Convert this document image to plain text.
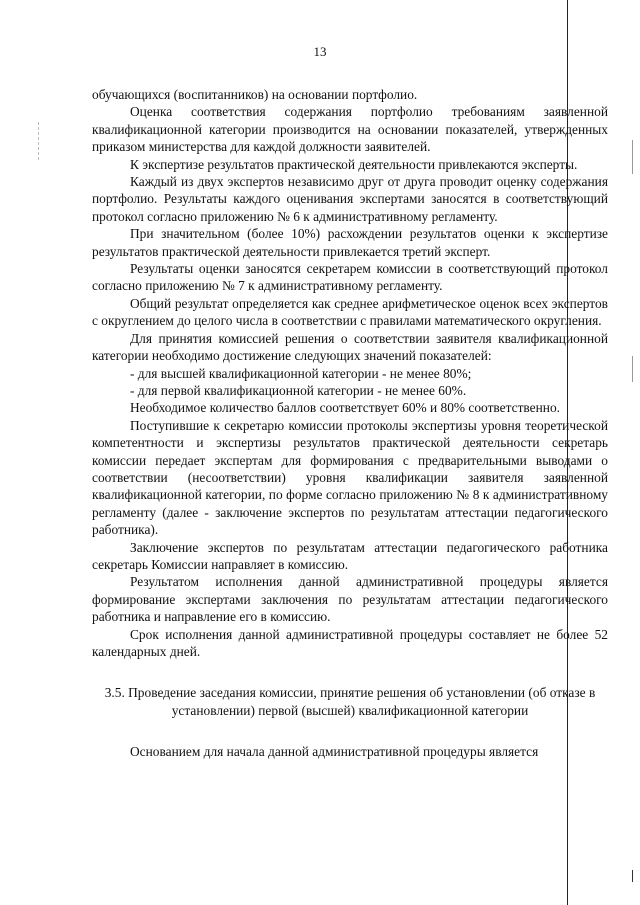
13

обучающихся (воспитанников) на основании портфолио.

Оценка соответствия содержания портфолио требованиям заявленной квалификационной категории производится на основании показателей, утвержденных приказом министерства для каждой должности заявителей.

К экспертизе результатов практической деятельности привлекаются эксперты.

Каждый из двух экспертов независимо друг от друга проводит оценку содержания портфолио. Результаты каждого оценивания экспертами заносятся в соответствующий протокол согласно приложению № 6 к административному регламенту.

При значительном (более 10%) расхождении результатов оценки к экспертизе результатов практической деятельности привлекается третий эксперт.

Результаты оценки заносятся секретарем комиссии в соответствующий протокол согласно приложению № 7 к административному регламенту.

Общий результат определяется как среднее арифметическое оценок всех экспертов с округлением до целого числа в соответствии с правилами математического округления.

Для принятия комиссией решения о соответствии заявителя квалификационной категории необходимо достижение следующих значений показателей:

- для высшей квалификационной категории - не менее 80%;

- для первой квалификационной категории - не менее 60%.

Необходимое количество баллов соответствует 60% и 80% соответственно.

Поступившие к секретарю комиссии протоколы экспертизы уровня теоретической компетентности и экспертизы результатов практической деятельности секретарь комиссии передает экспертам для формирования с предварительными выводами о соответствии (несоответствии) уровня квалификации заявителя заявленной квалификационной категории, по форме согласно приложению № 8 к административному регламенту (далее - заключение экспертов по результатам аттестации педагогического работника).

Заключение экспертов по результатам аттестации педагогического работника секретарь Комиссии направляет в комиссию.

Результатом исполнения данной административной процедуры является формирование экспертами заключения по результатам аттестации педагогического работника и направление его в комиссию.

Срок исполнения данной административной процедуры составляет не более 52 календарных дней.

3.5. Проведение заседания комиссии, принятие решения об установлении (об отказе в установлении) первой (высшей) квалификационной категории

Основанием для начала данной административной процедуры является
